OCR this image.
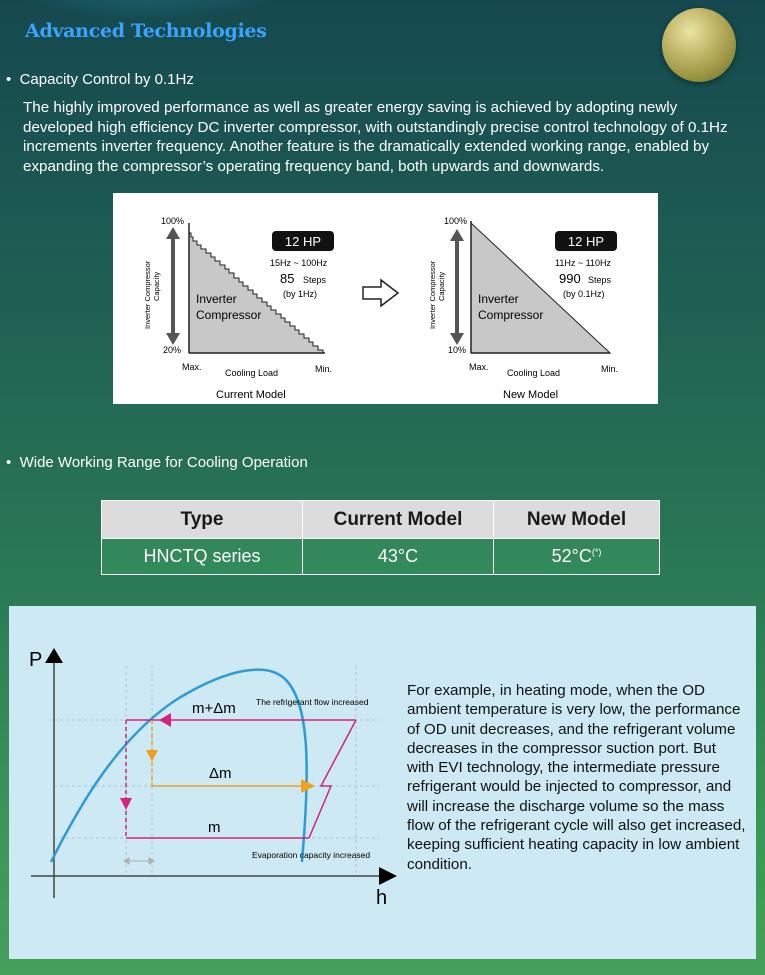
Advanced Technologies
•  Capacity Control by 0.1Hz
The highly improved performance as well as greater energy saving is achieved by adopting newly developed high efficiency DC inverter compressor, with outstandingly precise control technology of 0.1Hz increments inverter frequency. Another feature is the dramatically extended working range, enabled by expanding the compressor’s operating frequency band, both upwards and downwards.
Inverter Compressor Capacity
100%
20%
Max.	Min.
Cooling Load
Current Model
12 HP
15Hz ~ 100Hz
85 Steps
(by 1Hz)
Inverter
Compressor	Inverter Compressor Capacity
100%
10%
Max.	Min.
Cooling Load
New Model
12 HP
11Hz ~ 110Hz
990 Steps
(by 0.1Hz)
Inverter
Compressor
•  Wide Working Range for Cooling Operation
Type	Current Model	New Model
HNCTQ series	43°C	52°C(*)
P
h
m+Δm
Δm
m
The refrigerant flow increased
Evaporation capacity increased
For example, in heating mode, when the OD ambient temperature is very low, the performance of OD unit decreases, and the refrigerant volume decreases in the compressor suction port. But with EVI technology, the intermediate pressure refrigerant would be injected to compressor, and will increase the discharge volume so the mass flow of the refrigerant cycle will also get increased, keeping sufficient heating capacity in low ambient condition.
